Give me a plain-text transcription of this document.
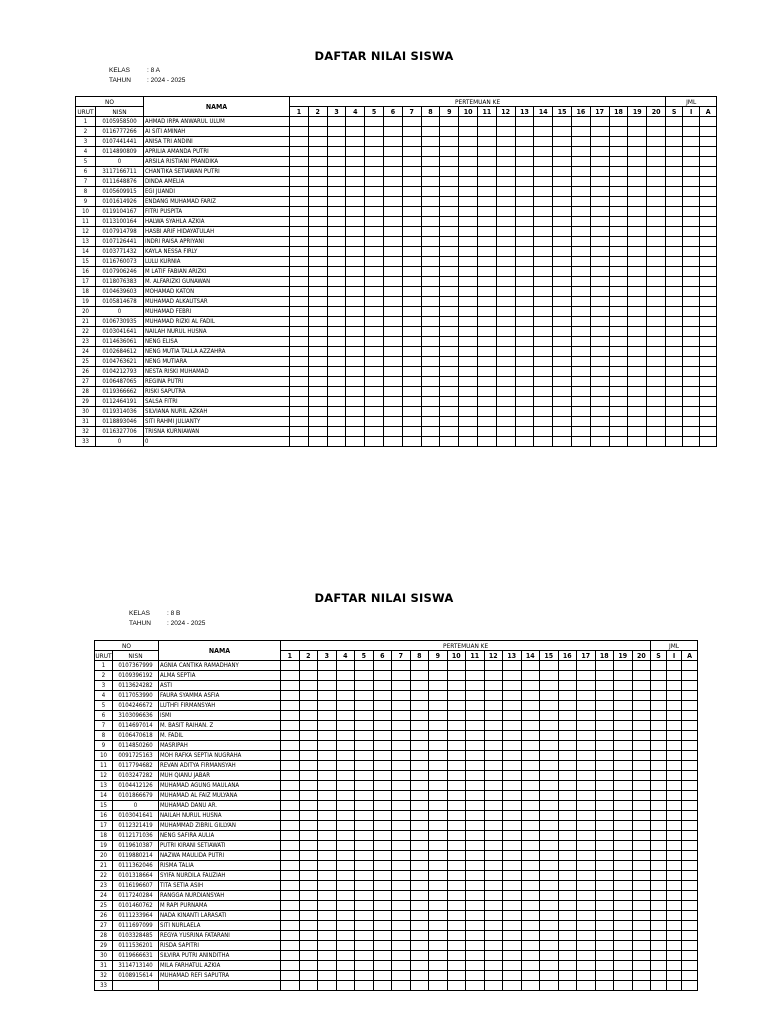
DAFTAR NILAI SISWA
KELAS	: 8 A
TAHUN : 2024 - 2025
NO		NAMA	PERTEMUAN KE																				JML		
URUT	NISN		1	2	3	4	5	6	7	8	9	10	11	12	13	14	15	16	17	18	19	20	S	I	A
1	0105958500	AHMAD IRPA ANWARUL ULUM																							
2	0116777266	AI SITI AMINAH																							
3	0107441441	ANISA TRI ANDINI																							
4	0114890809	APRILIA AMANDA PUTRI																							
5	0	ARSILA RISTIANI PRANDIKA																							
6	3117166711	CHANTIKA SETIAWAN PUTRI																							
7	0111648876	DINDA AMELIA																							
8	0105609915	EGI JUANDI																							
9	0101614926	ENDANG MUHAMAD FARIZ																							
10	0119104167	FITRI PUSPITA																							
11	0113100164	HALWA SYAHLA AZKIA																							
12	0107914798	HASBI ARIF HIDAYATULAH																							
13	0107126441	INDRI RAISA APRIYANI																							
14	0103771432	KAYLA NESSA FIRLY																							
15	0116760073	LULU KURNIA																							
16	0107906246	M LATIF FABIAN ARIZKI																							
17	0118076383	M. ALFARIZKI GUNAWAN																							
18	0104639603	MOHAMAD KATON																							
19	0105814678	MUHAMAD ALKAUTSAR																							
20	0	MUHAMAD FEBRI																							
21	0106730935	MUHAMAD RIZKI AL FADIL																							
22	0103041641	NAILAH NURUL HUSNA																							
23	0114636061	NENG ELISA																							
24	0102684612	NENG MUTIA TALLA AZZAHRA																							
25	0104763621	NENG MUTIARA																							
26	0104212793	NESTA RISKI MUHAMAD																							
27	0106487065	REGINA PUTRI																							
28	0119366662	RISKI SAPUTRA																							
29	0112464191	SALSA FITRI																							
30	0119314036	SILVIANA NURIL AZKAH																							
31	0118893046	SITI RAHMI JULIANTY																							
32	0116327706	TRISNA KURNIAWAN																							
33	0	0																							
DAFTAR NILAI SISWA
KELAS	: 8 B
TAHUN : 2024 - 2025
NO		NAMA	PERTEMUAN KE																				JML		
URUT	NISN		1	2	3	4	5	6	7	8	9	10	11	12	13	14	15	16	17	18	19	20	S	I	A
1	0107367999	AGNIA CANTIKA RAMADHANY																							
2	0109396192	ALMA SEPTIA																							
3	0113624282	ASTI																							
4	0117053990	FAURA SYAMMA ASFIA																							
5	0104246672	LUTHFI FIRMANSYAH																							
6	3103096636	ISMI																							
7	0114697014	M. BASIT RAIHAN. Z																							
8	0106470618	M. FADIL																							
9	0114850260	MASRIPAH																							
10	0091725163	MOH RAFKA SEPTIA NUGRAHA																							
11	0117794682	REVAN ADITYA FIRMANSYAH																							
12	0103247282	MUH QIANU JABAR																							
13	0104412126	MUHAMAD AGUNG MAULANA																							
14	0101866679	MUHAMAD AL FAIZ MULYANA																							
15	0	MUHAMAD DANU AR.																							
16	0103041641	NAILAH NURUL HUSNA																							
17	0112321419	MUHAMMAD ZIBRIL GILLYAN																							
18	0112171036	NENG SAFIRA AULIA																							
19	0119610387	PUTRI KIRANI SETIAWATI																							
20	0119880214	NAZWA MAULIDA PUTRI																							
21	0111362046	RISMA TALIA																							
22	0101318664	SYIFA NURDILA FAUZIAH																							
23	0116196607	TITA SETIA ASIH																							
24	0117240284	RANGGA NURDIANSYAH																							
25	0101460762	M RAPI PURNAMA																							
26	0111233964	NADA KINANTI LARASATI																							
27	0111697099	SITI NURLAELA																							
28	0103328485	REGYA YUSRINA FATARANI																							
29	0111536201	RISDA SAPITRI																							
30	0119666631	SILVIRA PUTRI ANINDITHA																							
31	3114713140	MILA FARHATUL AZKIA																							
32	0108915614	MUHAMAD REFI SAPUTRA																							
33																									
